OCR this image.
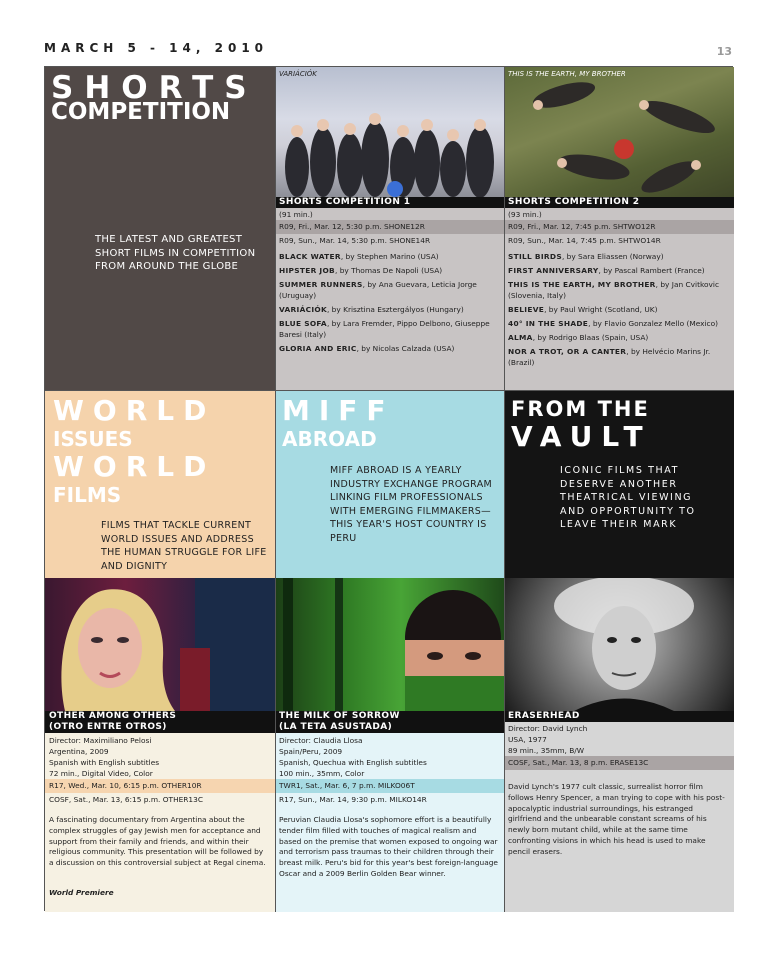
MARCH 5 - 14, 2010	13
SHORTS
COMPETITION
THE LATEST AND GREATEST SHORT FILMS IN COMPETITION FROM AROUND THE GLOBE
VARIÁCIÓK
SHORTS COMPETITION 1
(91 min.)
R09, Fri., Mar. 12, 5:30 p.m. SHONE12R
R09, Sun., Mar. 14, 5:30 p.m. SHONE14R
BLACK WATER, by Stephen Marino (USA)
HIPSTER JOB, by Thomas De Napoli (USA)
SUMMER RUNNERS, by Ana Guevara, Leticia Jorge (Uruguay)
VARIÁCIÓK, by Krisztina Esztergályos (Hungary)
BLUE SOFA, by Lara Fremder, Pippo Delbono, Giuseppe Baresi (Italy)
GLORIA AND ERIC, by Nicolas Calzada (USA)
THIS IS THE EARTH, MY BROTHER
SHORTS COMPETITION 2
(93 min.)
R09, Fri., Mar. 12, 7:45 p.m. SHTWO12R
R09, Sun., Mar. 14, 7:45 p.m. SHTWO14R
STILL BIRDS, by Sara Eliassen (Norway)
FIRST ANNIVERSARY, by Pascal Rambert (France)
THIS IS THE EARTH, MY BROTHER, by Jan Cvitkovic (Slovenia, Italy)
BELIEVE, by Paul Wright (Scotland, UK)
40° IN THE SHADE, by Flavio Gonzalez Mello (Mexico)
ALMA, by Rodrigo Blaas (Spain, USA)
NOR A TROT, OR A CANTER, by Helvécio Marins Jr. (Brazil)
WORLD
ISSUES
WORLD
FILMS
FILMS THAT TACKLE CURRENT WORLD ISSUES AND ADDRESS THE HUMAN STRUGGLE FOR LIFE AND DIGNITY
MIFF
ABROAD
MIFF ABROAD IS A YEARLY INDUSTRY EXCHANGE PROGRAM LINKING FILM PROFESSIONALS WITH EMERGING FILMMAKERS—THIS YEAR'S HOST COUNTRY IS PERU
FROM THE
VAULT
ICONIC FILMS THAT DESERVE ANOTHER THEATRICAL VIEWING AND OPPORTUNITY TO LEAVE THEIR MARK
OTHER AMONG OTHERS
(OTRO ENTRE OTROS)
Director: Maximiliano Pelosi
Argentina, 2009
Spanish with English subtitles
72 min., Digital Video, Color
R17, Wed., Mar. 10, 6:15 p.m. OTHER10R
COSF, Sat., Mar. 13, 6:15 p.m. OTHER13C
A fascinating documentary from Argentina about the complex struggles of gay Jewish men for acceptance and support from their family and friends, and within their religious community. This presentation will be followed by a discussion on this controversial subject at Regal cinema.
World Premiere
THE MILK OF SORROW
(LA TETA ASUSTADA)
Director: Claudia Llosa
Spain/Peru, 2009
Spanish, Quechua with English subtitles
100 min., 35mm, Color
TWR1, Sat., Mar. 6, 7 p.m. MILKO06T
R17, Sun., Mar. 14, 9:30 p.m. MILKO14R
Peruvian Claudia Llosa's sophomore effort is a beautifully tender film filled with touches of magical realism and based on the premise that women exposed to ongoing war and terrorism pass traumas to their children through their breast milk. Peru's bid for this year's best foreign-language Oscar and a 2009 Berlin Golden Bear winner.
ERASERHEAD
Director: David Lynch
USA, 1977
89 min., 35mm, B/W
COSF, Sat., Mar. 13, 8 p.m. ERASE13C
David Lynch's 1977 cult classic, surrealist horror film follows Henry Spencer, a man trying to cope with his post-apocalyptic industrial surroundings, his estranged girlfriend and the unbearable constant screams of his newly born mutant child, while at the same time confronting visions in which his head is used to make pencil erasers.
